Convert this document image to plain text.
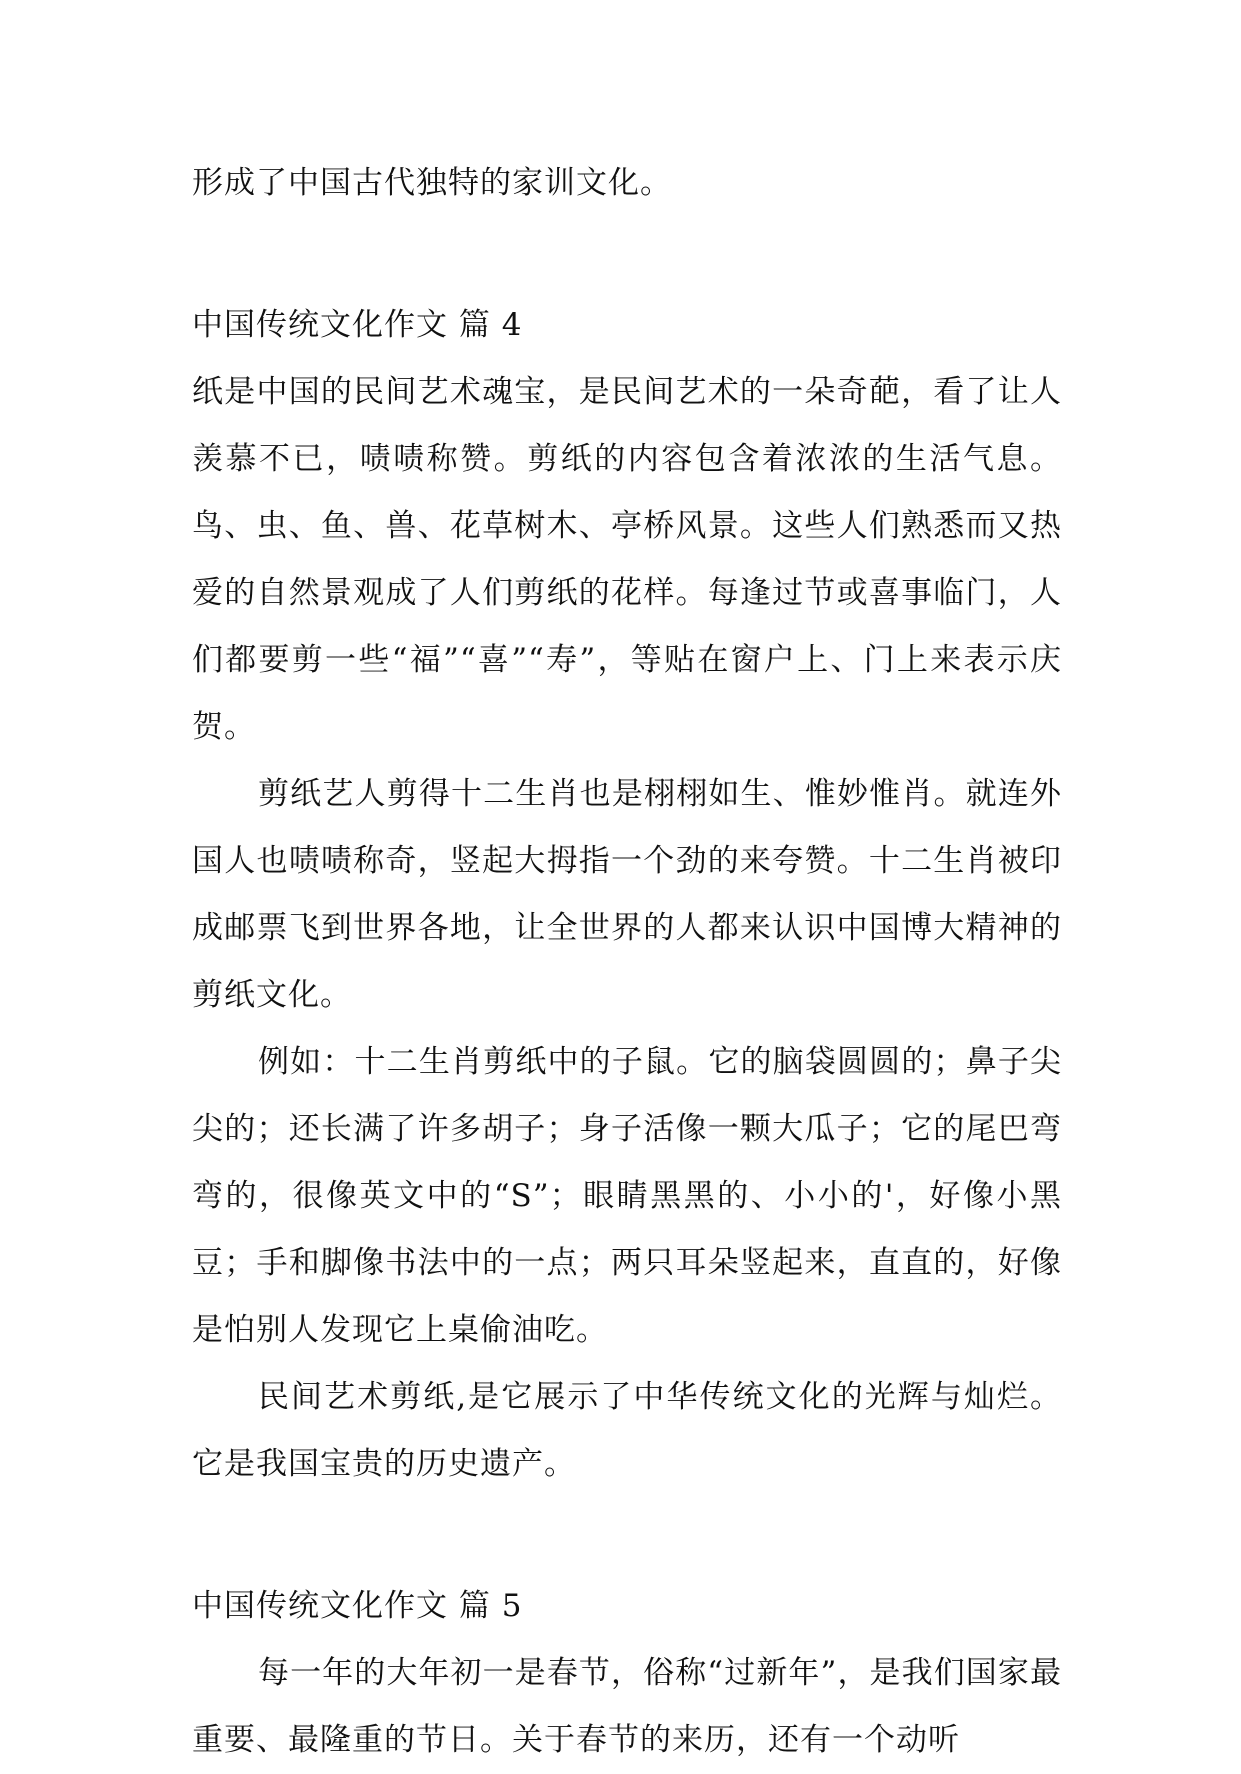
形成了中国古代独特的家训文化。

中国传统文化作文 篇 4

纸是中国的民间艺术魂宝，是民间艺术的一朵奇葩，看了让人羡慕不已，啧啧称赞。剪纸的内容包含着浓浓的生活气息。鸟、虫、鱼、兽、花草树木、亭桥风景。这些人们熟悉而又热爱的自然景观成了人们剪纸的花样。每逢过节或喜事临门，人们都要剪一些“福”“喜”“寿”，等贴在窗户上、门上来表示庆贺。

剪纸艺人剪得十二生肖也是栩栩如生、惟妙惟肖。就连外国人也啧啧称奇，竖起大拇指一个劲的来夸赞。十二生肖被印成邮票飞到世界各地，让全世界的人都来认识中国博大精神的剪纸文化。

例如：十二生肖剪纸中的子鼠。它的脑袋圆圆的；鼻子尖尖的；还长满了许多胡子；身子活像一颗大瓜子；它的尾巴弯弯的，很像英文中的“S”；眼睛黑黑的、小小的'，好像小黑豆；手和脚像书法中的一点；两只耳朵竖起来，直直的，好像是怕别人发现它上桌偷油吃。

民间艺术剪纸,是它展示了中华传统文化的光辉与灿烂。它是我国宝贵的历史遗产。

中国传统文化作文 篇 5

每一年的大年初一是春节，俗称“过新年”，是我们国家最重要、最隆重的节日。关于春节的来历，还有一个动听
